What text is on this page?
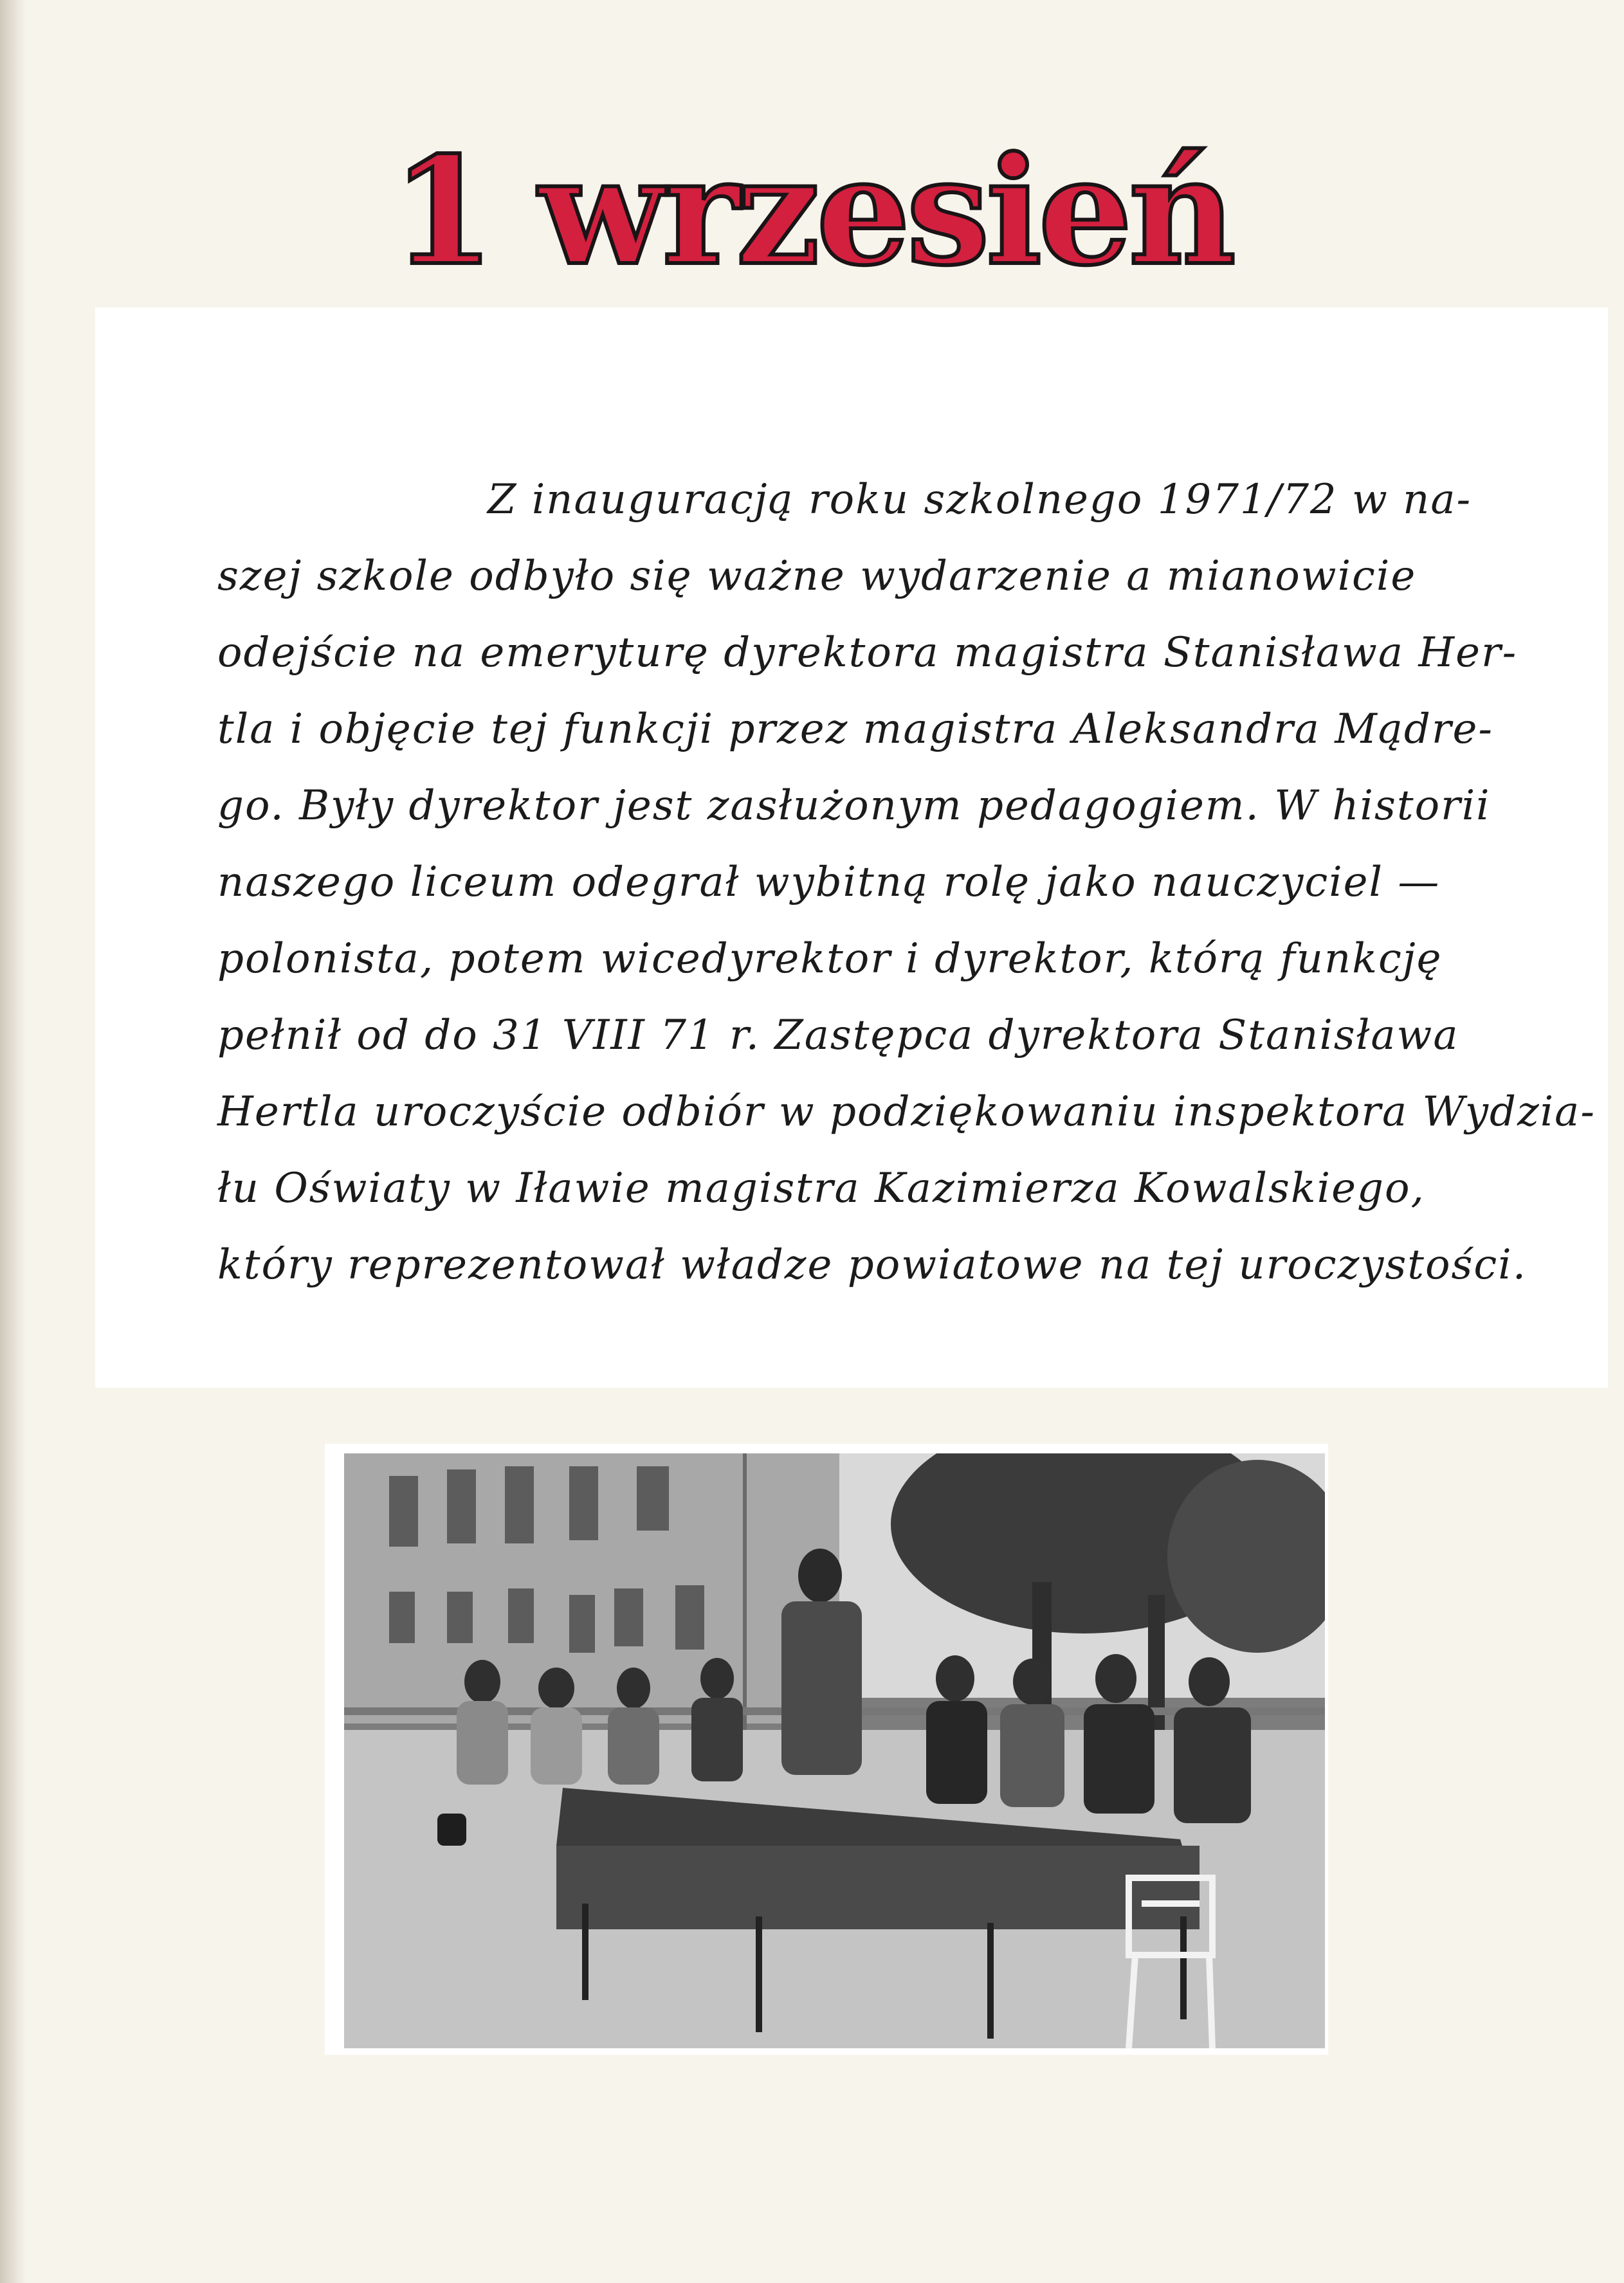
1 wrzesień
Z inauguracją roku szkolnego 1971/72 w na-
szej szkole odbyło się ważne wydarzenie a mianowicie
odejście na emeryturę dyrektora magistra Stanisława Her-
tla i objęcie tej funkcji przez magistra Aleksandra Mądre-
go. Były dyrektor jest zasłużonym pedagogiem. W historii
naszego liceum odegrał wybitną rolę jako nauczyciel —
polonista, potem wicedyrektor i dyrektor, którą funkcję
pełnił od do 31 VIII 71 r. Zastępca dyrektora Stanisława
Hertla uroczyście odbiór w podziękowaniu inspektora Wydzia-
łu Oświaty w Iławie magistra Kazimierza Kowalskiego,
który reprezentował władze powiatowe na tej uroczystości.
